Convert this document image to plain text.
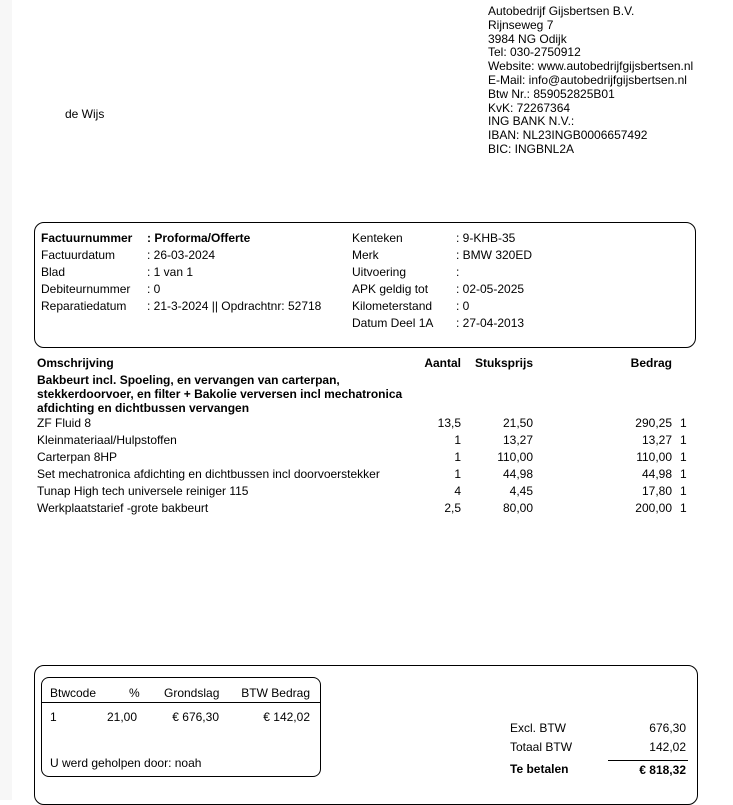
Autobedrijf Gijsbertsen B.V.
Rijnseweg 7
3984 NG Odijk
Tel: 030-2750912
Website: www.autobedrijfgijsbertsen.nl
E-Mail: info@autobedrijfgijsbertsen.nl
Btw Nr.: 859052825B01
KvK: 72267364
ING BANK N.V.:
IBAN: NL23INGB0006657492
BIC: INGBNL2A
de Wijs
Factuurnummer : Proforma/Offerte
Factuurdatum	: 26-03-2024
Blad	: 1 van 1
Debiteurnummer : 0
Reparatiedatum : 21-3-2024 || Opdrachtnr: 52718
Kenteken	: 9-KHB-35
Merk	: BMW 320ED
Uitvoering	:
APK geldig tot : 02-05-2025
Kilometerstand : 0
Datum Deel 1A : 27-04-2013
Omschrijving	Aantal Stuksprijs	Bedrag
Bakbeurt incl. Spoeling, en vervangen van carterpan, stekkerdoorvoer, en filter + Bakolie verversen incl mechatronica afdichting en dichtbussen vervangen
ZF Fluid 8	13,5	21,50	290,25 1
Kleinmateriaal/Hulpstoffen	1	13,27	13,27 1
Carterpan 8HP	1	110,00	110,00 1
Set mechatronica afdichting en dichtbussen incl doorvoerstekker	1	44,98	44,98 1
Tunap High tech universele reiniger 115	4	4,45	17,80 1
Werkplaatstarief -grote bakbeurt	2,5	80,00	200,00 1
Btwcode	% Grondslag BTW Bedrag
1	21,00	€ 676,30	€ 142,02
U werd geholpen door: noah
Excl. BTW	676,30
Totaal BTW	142,02
Te betalen	€ 818,32
